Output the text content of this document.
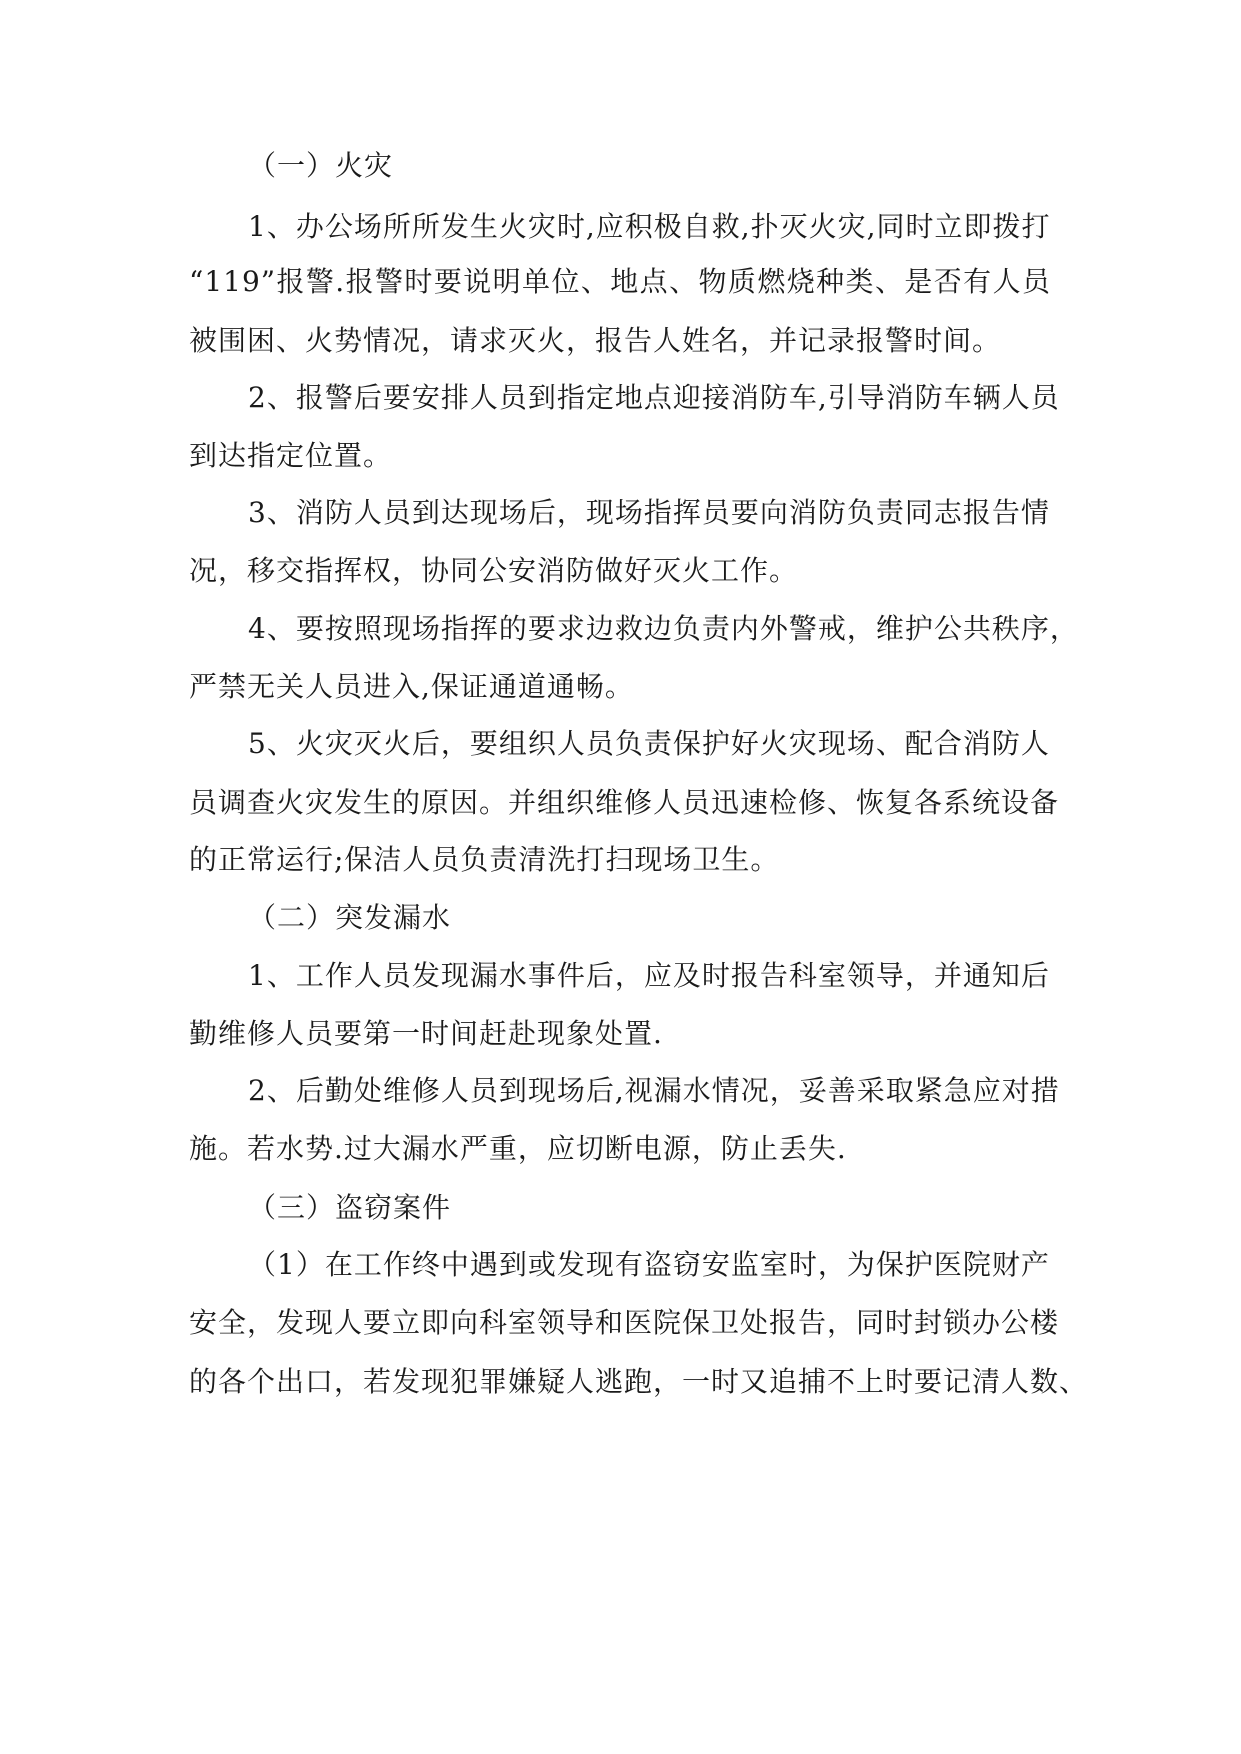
（一）火灾
1、办公场所所发生火灾时,应积极自救,扑灭火灾,同时立即拨打
“119”报警.报警时要说明单位、地点、物质燃烧种类、是否有人员
被围困、火势情况，请求灭火，报告人姓名，并记录报警时间。
2、报警后要安排人员到指定地点迎接消防车,引导消防车辆人员
到达指定位置。
3、消防人员到达现场后，现场指挥员要向消防负责同志报告情
况，移交指挥权，协同公安消防做好灭火工作。
4、要按照现场指挥的要求边救边负责内外警戒，维护公共秩序，
严禁无关人员进入,保证通道通畅。
5、火灾灭火后，要组织人员负责保护好火灾现场、配合消防人
员调查火灾发生的原因。并组织维修人员迅速检修、恢复各系统设备
的正常运行;保洁人员负责清洗打扫现场卫生。
（二）突发漏水
1、工作人员发现漏水事件后，应及时报告科室领导，并通知后
勤维修人员要第一时间赶赴现象处置.
2、后勤处维修人员到现场后,视漏水情况，妥善采取紧急应对措
施。若水势.过大漏水严重，应切断电源，防止丢失.
（三）盗窃案件
（1）在工作终中遇到或发现有盗窃安监室时，为保护医院财产
安全，发现人要立即向科室领导和医院保卫处报告，同时封锁办公楼
的各个出口，若发现犯罪嫌疑人逃跑，一时又追捕不上时要记清人数、
